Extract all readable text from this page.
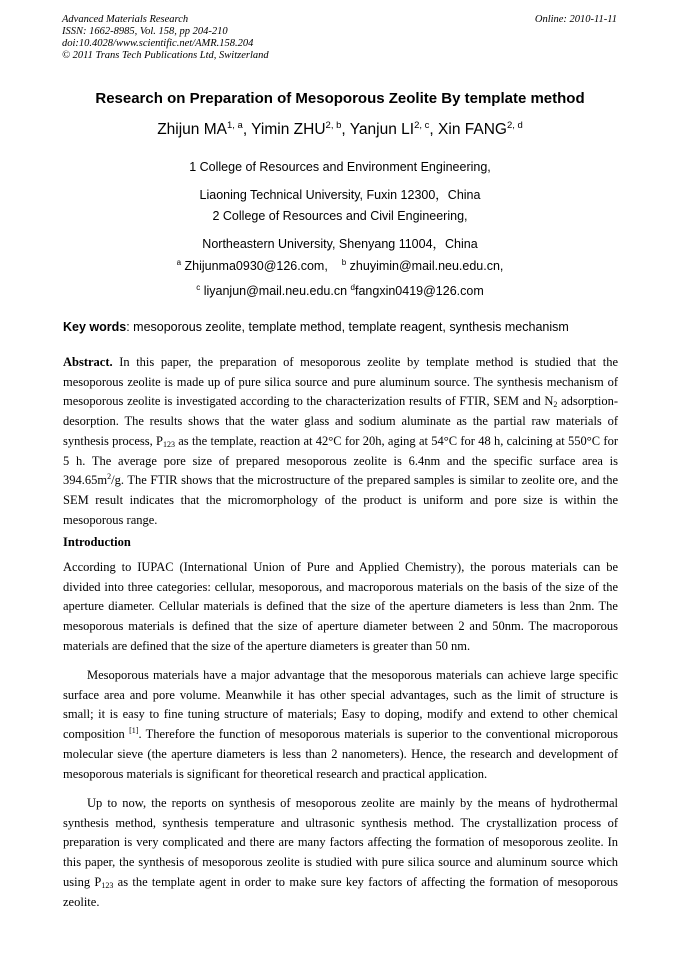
Advanced Materials Research
ISSN: 1662-8985, Vol. 158, pp 204-210
doi:10.4028/www.scientific.net/AMR.158.204
© 2011 Trans Tech Publications Ltd, Switzerland
Online: 2010-11-11
Research on Preparation of Mesoporous Zeolite By template method
Zhijun MA$^{1, a}$, Yimin ZHU$^{2, b}$, Yanjun LI$^{2, c}$, Xin FANG$^{2, d}$
1 College of Resources and Environment Engineering,
Liaoning Technical University, Fuxin 12300，China
2 College of Resources and Civil Engineering,
Northeastern University, Shenyang 11004，China
$^a$ Zhijunma0930@126.com, $^b$ zhuyimin@mail.neu.edu.cn,
$^c$ liyanjun@mail.neu.edu.cn $^d$fangxin0419@126.com
Key words: mesoporous zeolite, template method, template reagent, synthesis mechanism

Abstract. In this paper, the preparation of mesoporous zeolite by template method is studied that the mesoporous zeolite is made up of pure silica source and pure aluminum source. The synthesis mechanism of mesoporous zeolite is investigated according to the characterization results of FTIR, SEM and $N_2$ adsorption-desorption. The results shows that the water glass and sodium aluminate as the partial raw materials of synthesis process, $P_{123}$ as the template, reaction at 42°C for 20h, aging at 54°C for 48 h, calcining at 550°C for 5 h. The average pore size of prepared mesoporous zeolite is 6.4nm and the specific surface area is $394.65m^2/g$. The FTIR shows that the microstructure of the prepared samples is similar to zeolite ore, and the SEM result indicates that the micromorphology of the product is uniform and pore size is within the mesoporous range.

Introduction

According to IUPAC (International Union of Pure and Applied Chemistry), the porous materials can be divided into three categories: cellular, mesoporous, and macroporous materials on the basis of the size of the aperture diameter. Cellular materials is defined that the size of the aperture diameters is less than 2nm. The mesoporous materials is defined that the size of aperture diameter between 2 and 50nm. The macroporous materials are defined that the size of the aperture diameters is greater than 50 nm.

Mesoporous materials have a major advantage that the mesoporous materials can achieve large specific surface area and pore volume. Meanwhile it has other special advantages, such as the limit of structure is small; it is easy to fine tuning structure of materials; Easy to doping, modify and extend to other chemical composition [1]. Therefore the function of mesoporous materials is superior to the conventional microporous molecular sieve (the aperture diameters is less than 2 nanometers). Hence, the research and development of mesoporous materials is significant for theoretical research and practical application.

Up to now, the reports on synthesis of mesoporous zeolite are mainly by the means of hydrothermal synthesis method, synthesis temperature and ultrasonic synthesis method. The crystallization process of preparation is very complicated and there are many factors affecting the formation of mesoporous zeolite. In this paper, the synthesis of mesoporous zeolite is studied with pure silica source and aluminum source which using $P_{123}$ as the template agent in order to make sure key factors of affecting the formation of mesoporous zeolite.
